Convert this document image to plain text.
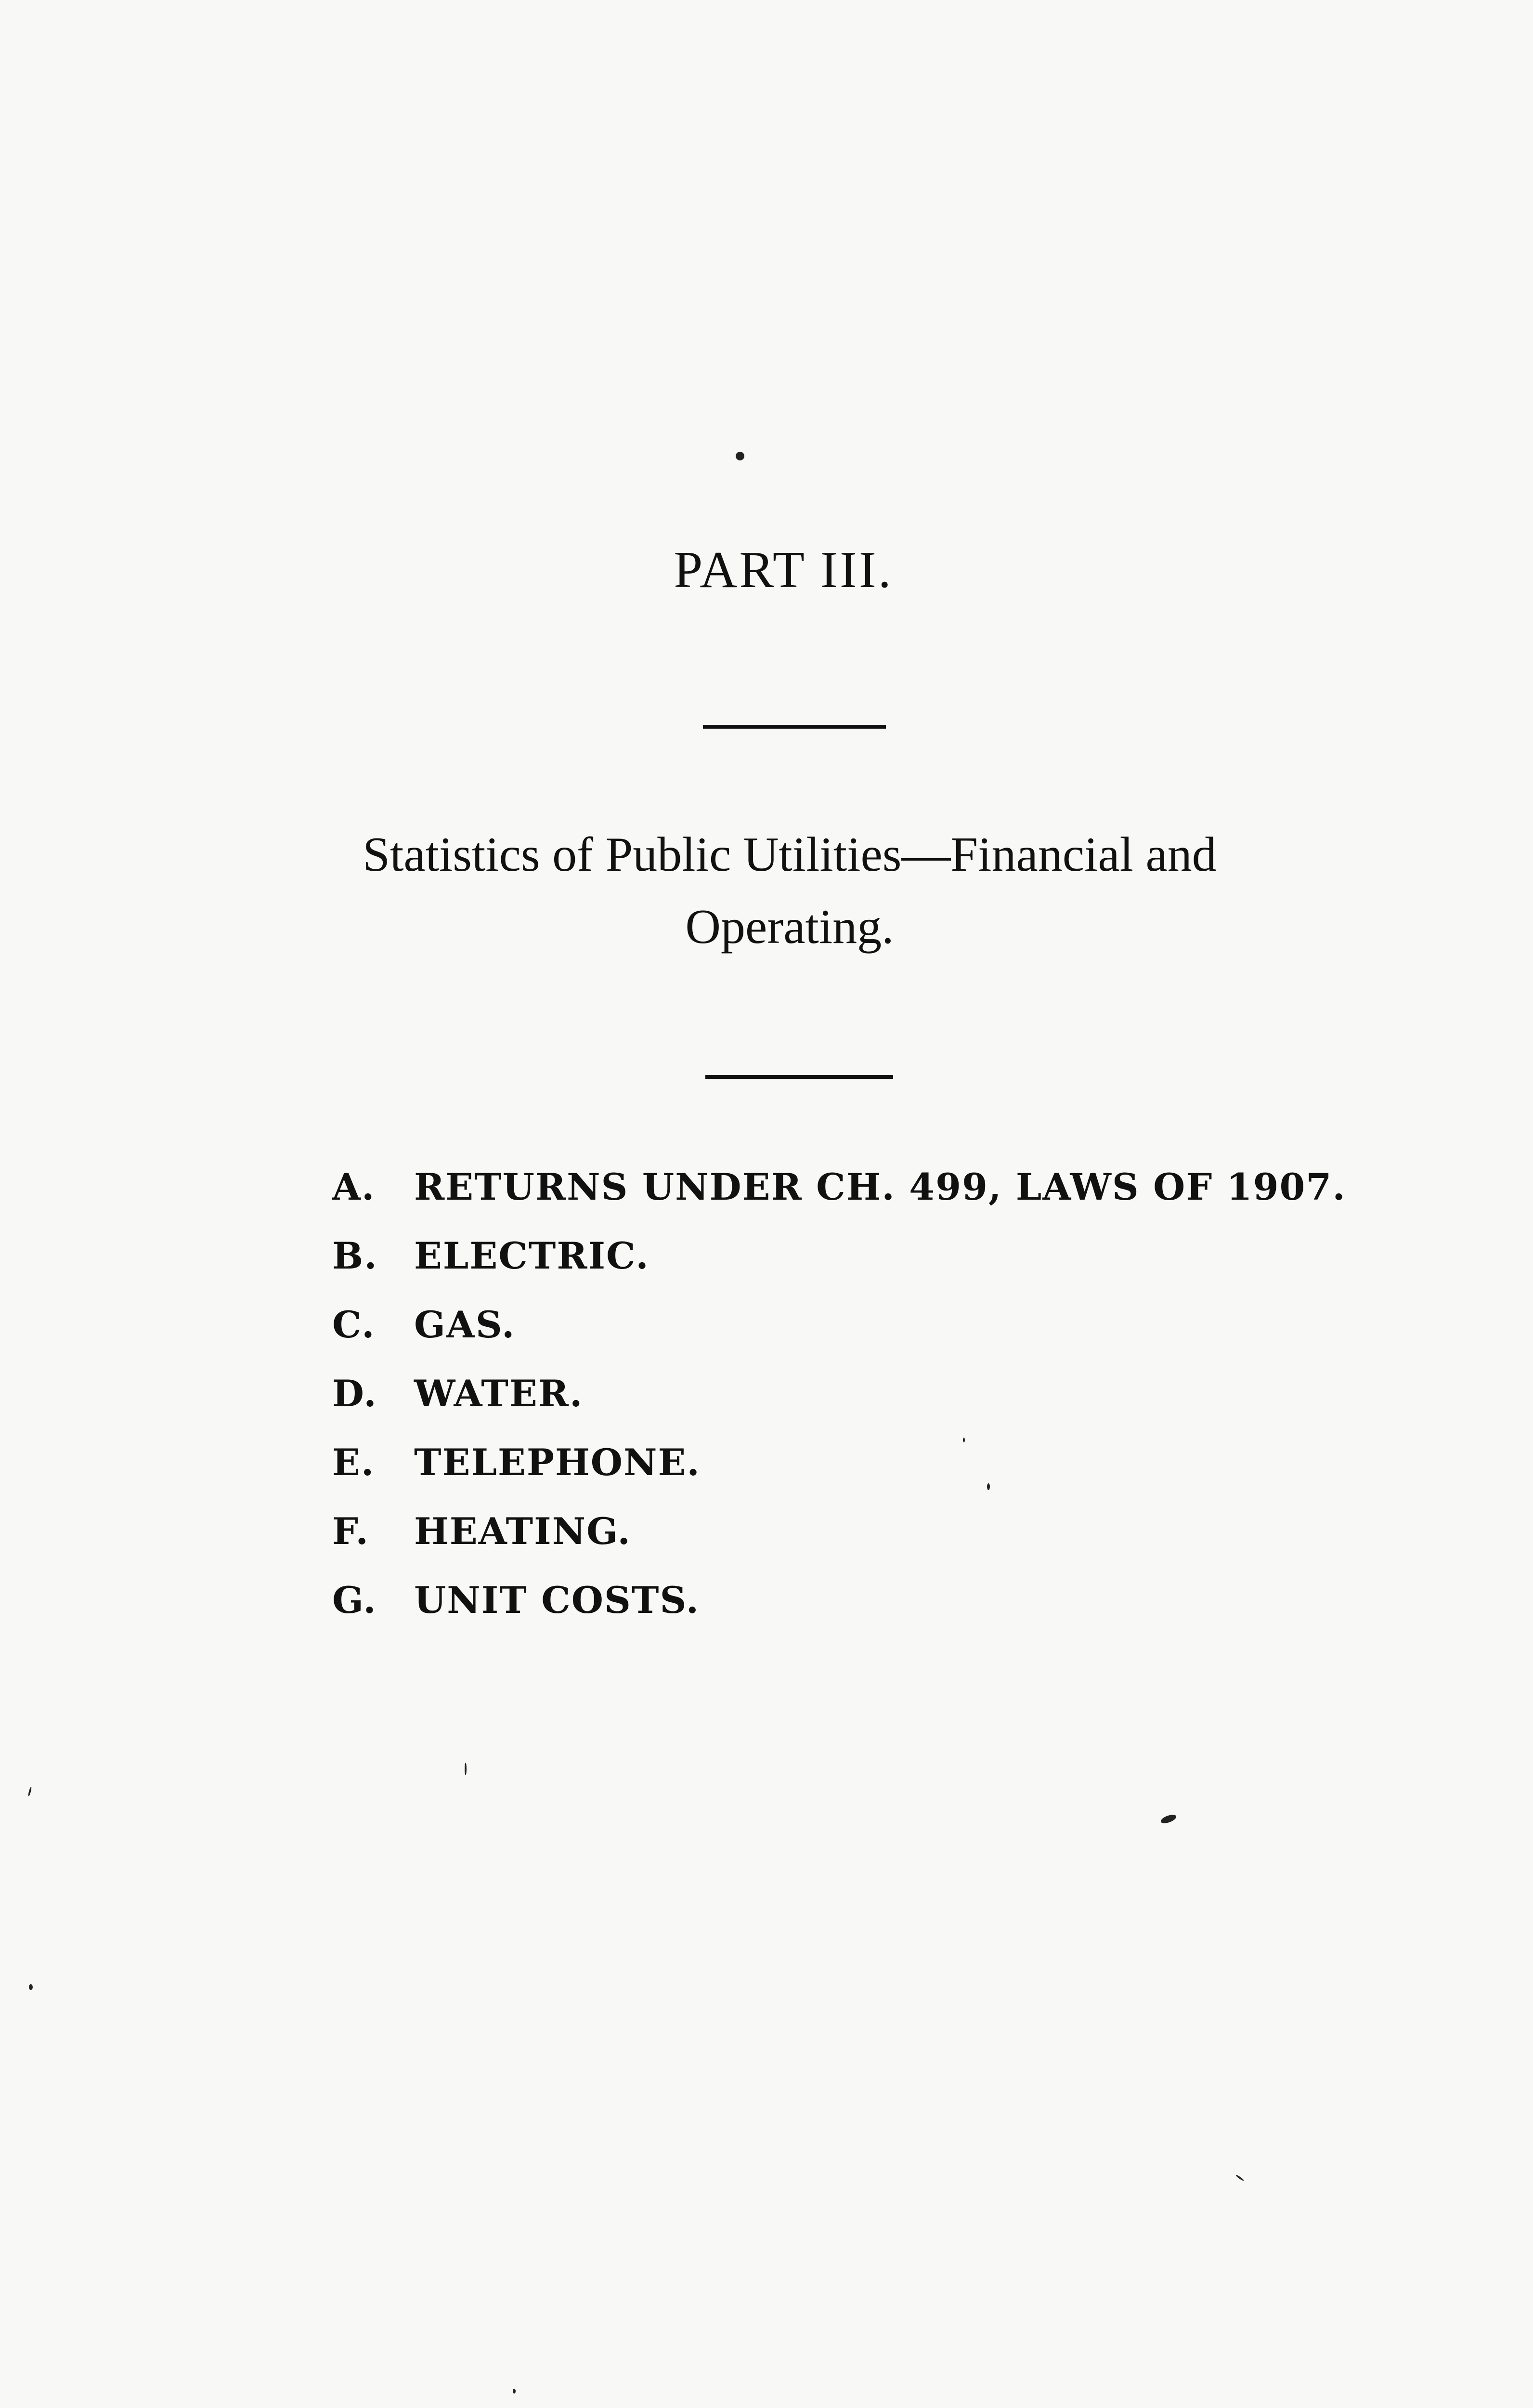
PART III.
Statistics of Public Utilities—Financial and
Operating.
A.	RETURNS UNDER CH. 499, LAWS OF 1907.
B. ELECTRIC.
C.	GAS.
D.	WATER.
E.	TELEPHONE.
F.	HEATING.
G.	UNIT COSTS.
